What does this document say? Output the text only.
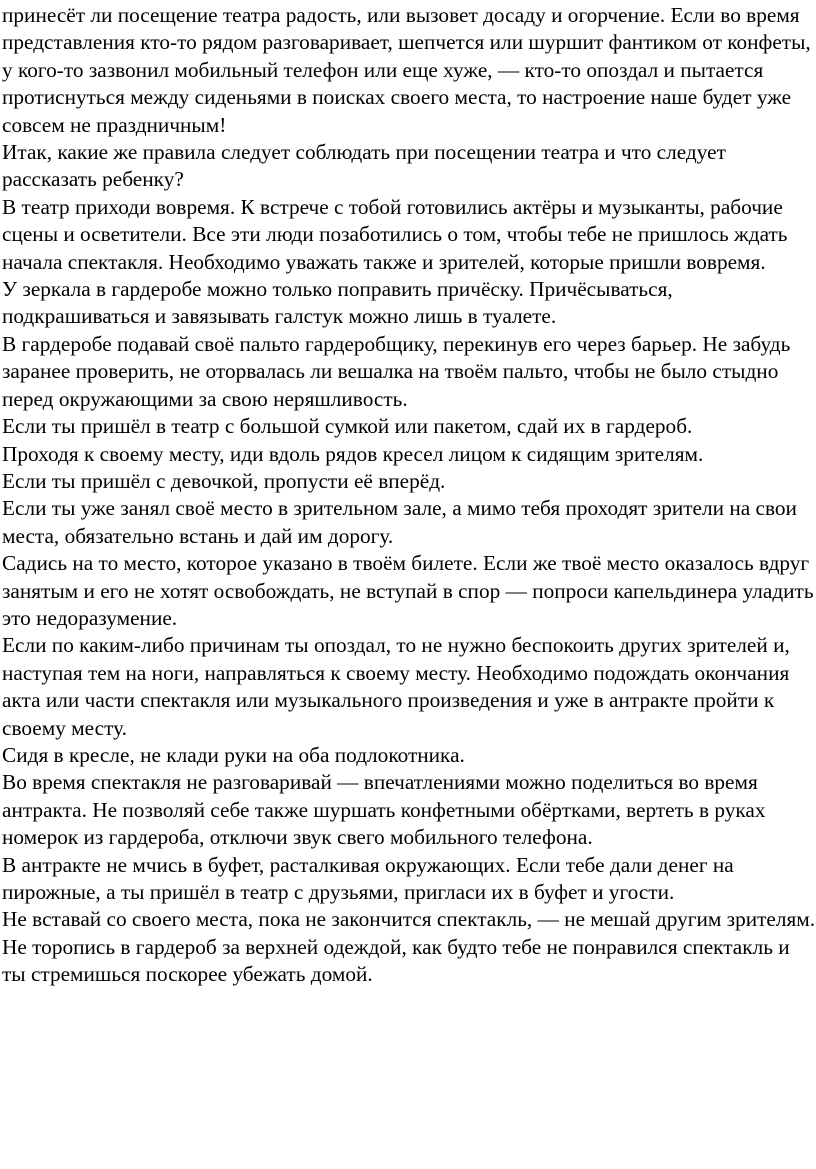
принесёт ли посещение театра радость, или вызовет досаду и огорчение. Если во время представления кто-то рядом разговаривает, шепчется или шуршит фантиком от конфеты, у кого-то зазвонил мобильный телефон или еще хуже, — кто-то опоздал и пытается протиснуться между сиденьями в поисках своего места, то настроение наше будет уже совсем не праздничным!

Итак, какие же правила следует соблюдать при посещении театра и что следует рассказать ребенку?

В театр приходи вовремя. К встрече с тобой готовились актёры и музыканты, рабочие сцены и осветители. Все эти люди позаботились о том, чтобы тебе не пришлось ждать начала спектакля. Необходимо уважать также и зрителей, которые пришли вовремя.

У зеркала в гардеробе можно только поправить причёску. Причёсываться, подкрашиваться и завязывать галстук можно лишь в туалете.

В гардеробе подавай своё пальто гардеробщику, перекинув его через барьер. Не забудь заранее проверить, не оторвалась ли вешалка на твоём пальто, чтобы не было стыдно перед окружающими за свою неряшливость.

Если ты пришёл в театр с большой сумкой или пакетом, сдай их в гардероб.

Проходя к своему месту, иди вдоль рядов кресел лицом к сидящим зрителям.

Если ты пришёл с девочкой, пропусти её вперёд.

Если ты уже занял своё место в зрительном зале, а мимо тебя проходят зрители на свои места, обязательно встань и дай им дорогу.

Садись на то место, которое указано в твоём билете. Если же твоё место оказалось вдруг занятым и его не хотят освобождать, не вступай в спор — попроси капельдинера уладить это недоразумение.

Если по каким-либо причинам ты опоздал, то не нужно беспокоить других зрителей и, наступая тем на ноги, направляться к своему месту. Необходимо подождать окончания акта или части спектакля или музыкального произведения и уже в антракте пройти к своему месту.

Сидя в кресле, не клади руки на оба подлокотника.

Во время спектакля не разговаривай — впечатлениями можно поделиться во время антракта. Не позволяй себе также шуршать конфетными обёртками, вертеть в руках номерок из гардероба, отключи звук свего мобильного телефона.

В антракте не мчись в буфет, расталкивая окружающих. Если тебе дали денег на пирожные, а ты пришёл в театр с друзьями, пригласи их в буфет и угости.

Не вставай со своего места, пока не закончится спектакль, — не мешай другим зрителям.

Не торопись в гардероб за верхней одеждой, как будто тебе не понравился спектакль и ты стремишься поскорее убежать домой.
